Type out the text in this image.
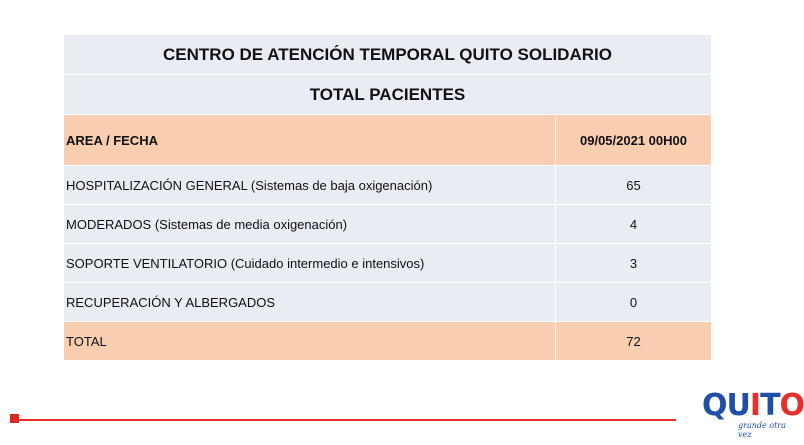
CENTRO DE ATENCIÓN TEMPORAL QUITO SOLIDARIO
TOTAL PACIENTES
AREA / FECHA	09/05/2021 00H00
HOSPITALIZACIÓN GENERAL (Sistemas de baja oxigenación)	65
MODERADOS (Sistemas de media oxigenación)	4
SOPORTE VENTILATORIO (Cuidado intermedio e intensivos)	3
RECUPERACIÓN Y ALBERGADOS	0
TOTAL	72
QUITO
grande otra vez
